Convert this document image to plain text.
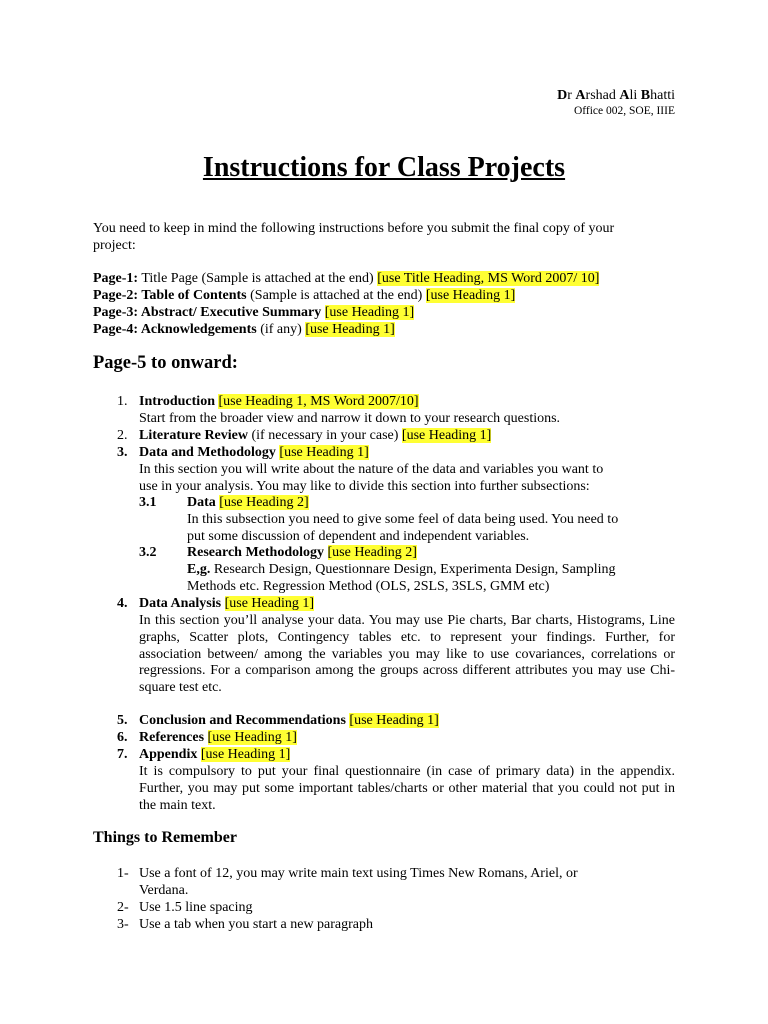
Dr Arshad Ali Bhatti
Office 002, SOE, IIIE
Instructions for Class Projects
You need to keep in mind the following instructions before you submit the final copy of your
project:
Page-1: Title Page (Sample is attached at the end) [use Title Heading, MS Word 2007/ 10]
Page-2: Table of Contents (Sample is attached at the end) [use Heading 1]
Page-3: Abstract/ Executive Summary [use Heading 1]
Page-4: Acknowledgements (if any) [use Heading 1]
Page-5 to onward:
1. Introduction [use Heading 1, MS Word 2007/10]
Start from the broader view and narrow it down to your research questions.
2. Literature Review (if necessary in your case) [use Heading 1]
3. Data and Methodology [use Heading 1]
In this section you will write about the nature of the data and variables you want to
use in your analysis. You may like to divide this section into further subsections:
3.1 Data [use Heading 2]
In this subsection you need to give some feel of data being used. You need to
put some discussion of dependent and independent variables.
3.2 Research Methodology [use Heading 2]
E,g. Research Design, Questionnare Design, Experimenta Design, Sampling
Methods etc. Regression Method (OLS, 2SLS, 3SLS, GMM etc)
4. Data Analysis [use Heading 1]
In this section you’ll analyse your data. You may use Pie charts, Bar charts, Histograms, Line graphs, Scatter plots, Contingency tables etc. to represent your findings. Further, for association between/ among the variables you may like to use covariances, correlations or regressions. For a comparison among the groups across different attributes you may use Chi-square test etc.
5. Conclusion and Recommendations [use Heading 1]
6. References [use Heading 1]
7. Appendix [use Heading 1]
It is compulsory to put your final questionnaire (in case of primary data) in the appendix. Further, you may put some important tables/charts or other material that you could not put in the main text.
Things to Remember
1- Use a font of 12, you may write main text using Times New Romans, Ariel, or
Verdana.
2- Use 1.5 line spacing
3- Use a tab when you start a new paragraph
